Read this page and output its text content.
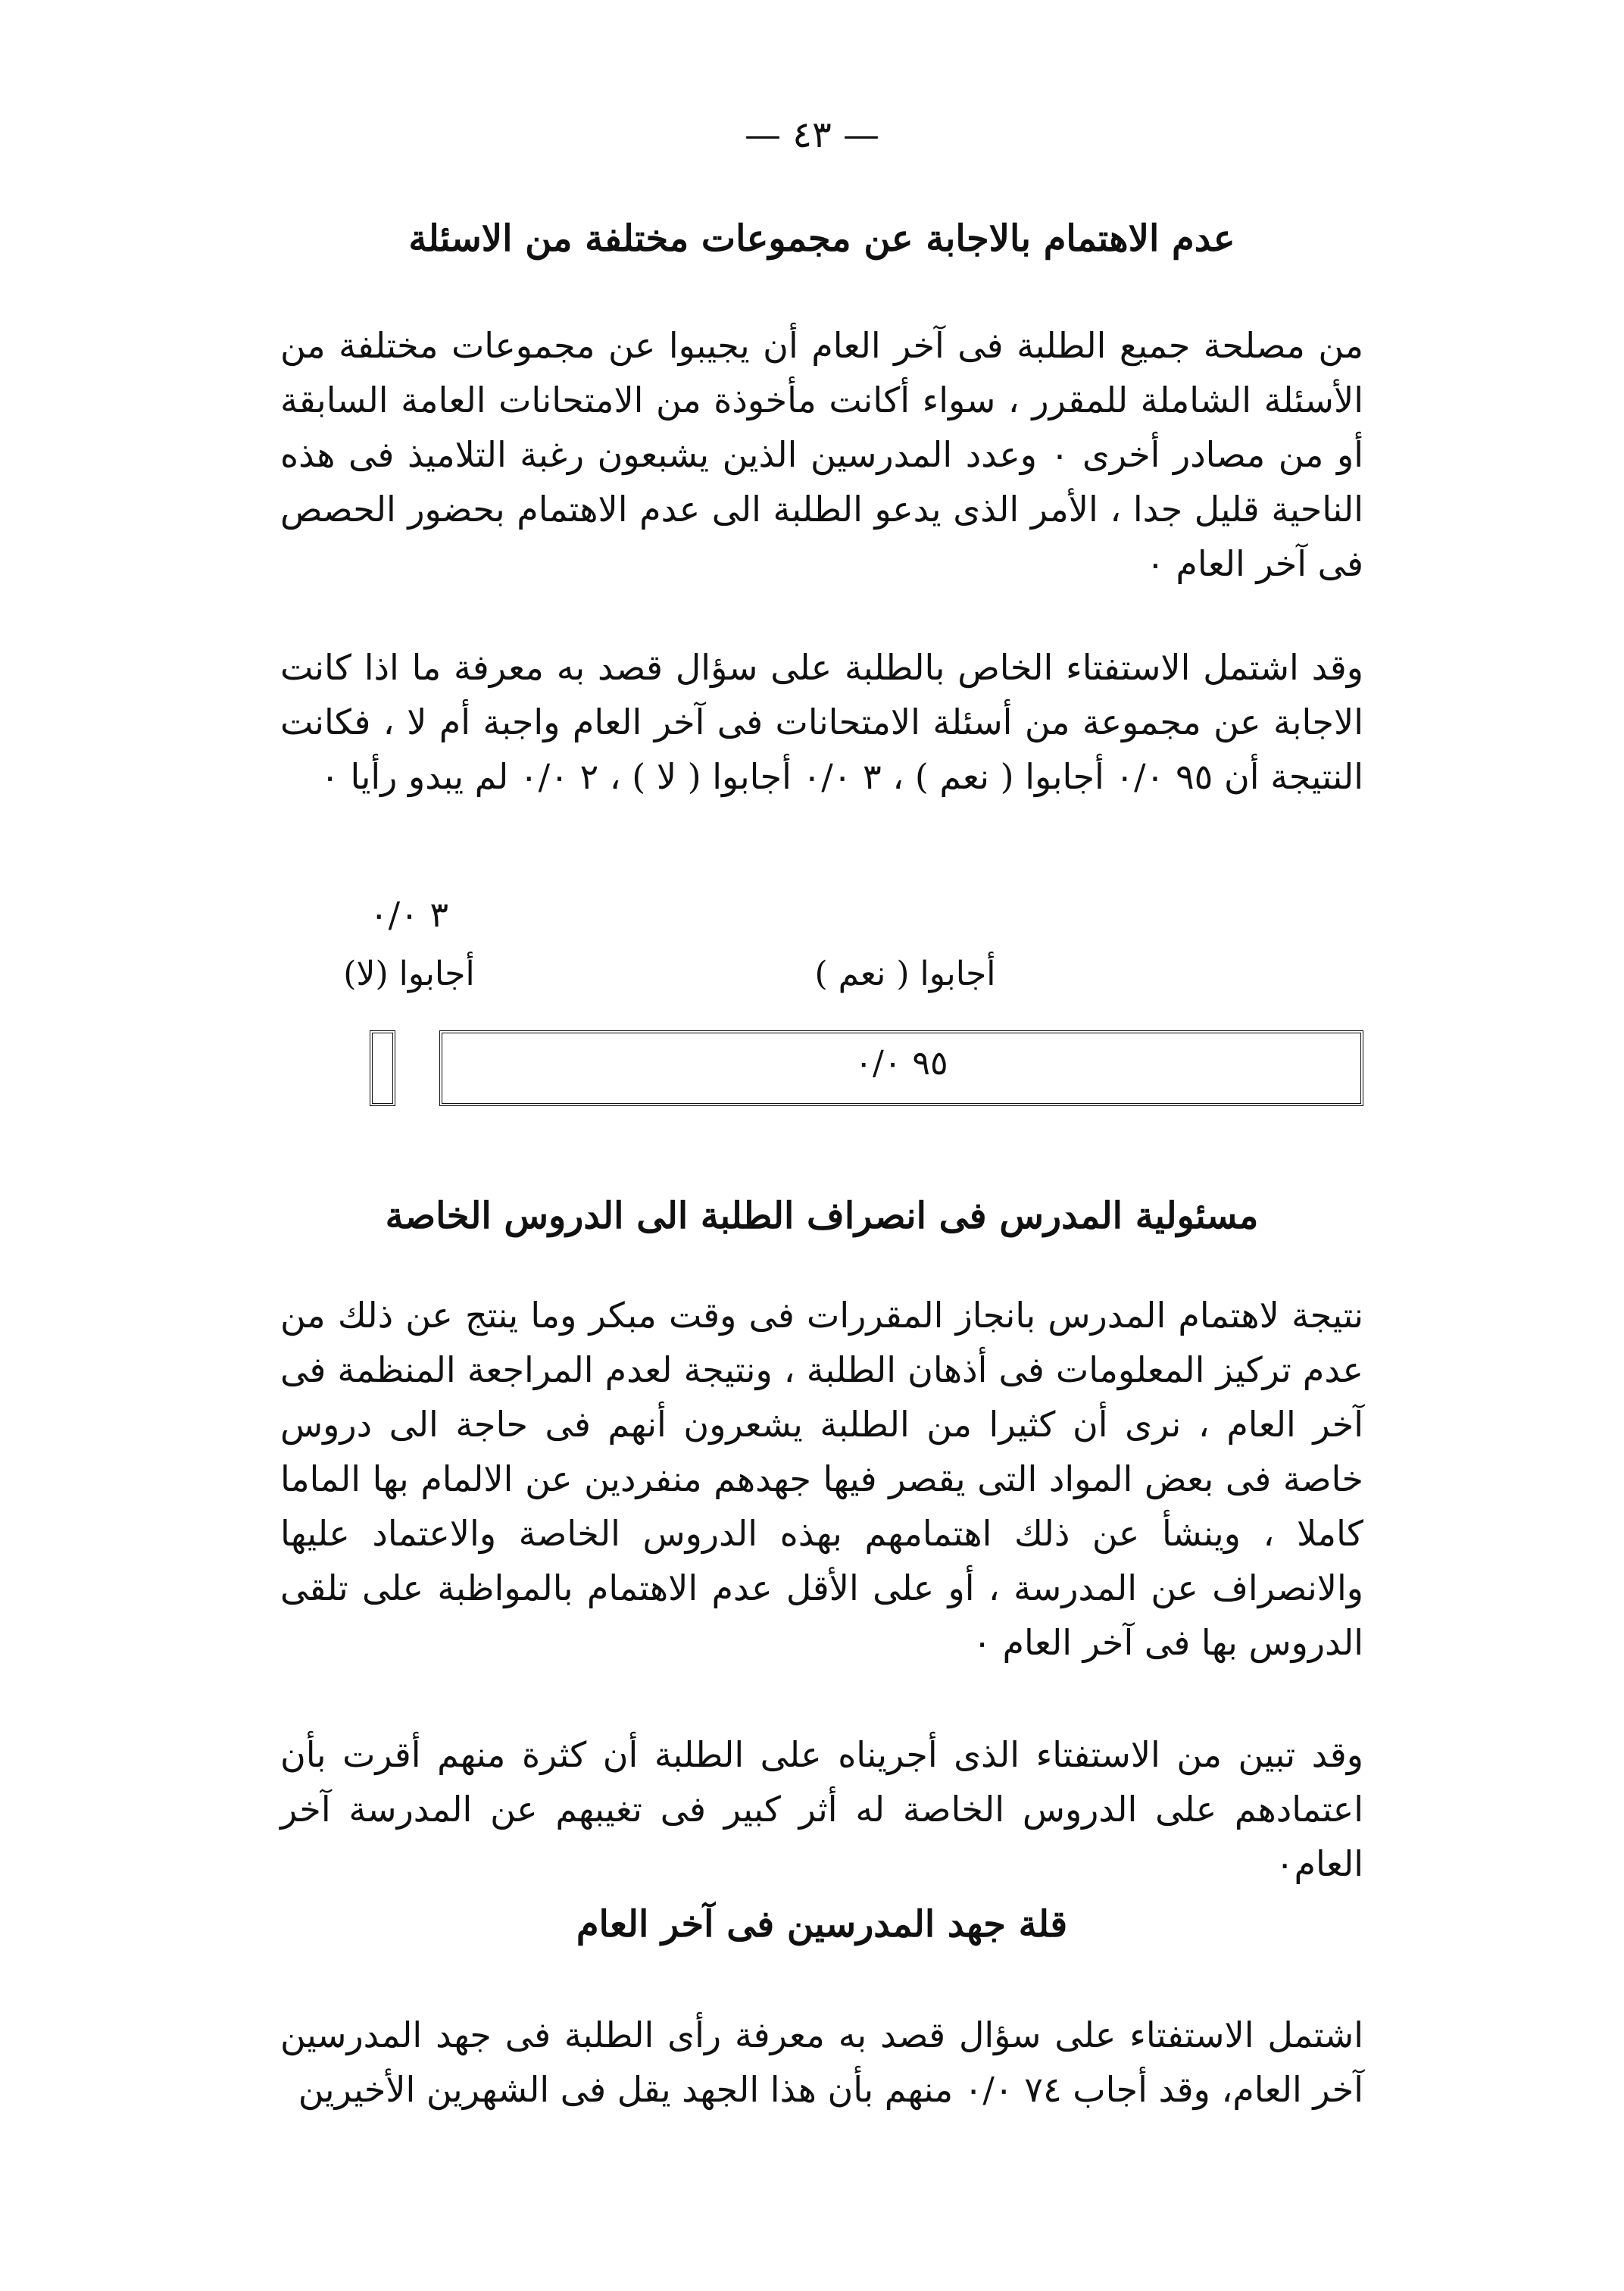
— ٤٣ —
عدم الاهتمام بالاجابة عن مجموعات مختلفة من الاسئلة

من مصلحة جميع الطلبة فى آخر العام أن يجيبوا عن مجموعات مختلفة من الأسئلة الشاملة للمقرر ، سواء أكانت مأخوذة من الامتحانات العامة السابقة أو من مصادر أخرى ٠ وعدد المدرسين الذين يشبعون رغبة التلاميذ فى هذه الناحية قليل جدا ، الأمر الذى يدعو الطلبة الى عدم الاهتمام بحضور الحصص فى آخر العام ٠

وقد اشتمل الاستفتاء الخاص بالطلبة على سؤال قصد به معرفة ما اذا كانت الاجابة عن مجموعة من أسئلة الامتحانات فى آخر العام واجبة أم لا ، فكانت النتيجة أن ٩٥ ٠/٠ أجابوا ( نعم ) ، ٣ ٠/٠ أجابوا ( لا ) ، ٢ ٠/٠ لم يبدو رأيا ٠

٣ ٠/٠
أجابوا (لا)	أجابوا ( نعم )
٩٥ ٠/٠
مسئولية المدرس فى انصراف الطلبة الى الدروس الخاصة

نتيجة لاهتمام المدرس بانجاز المقررات فى وقت مبكر وما ينتج عن ذلك من عدم تركيز المعلومات فى أذهان الطلبة ، ونتيجة لعدم المراجعة المنظمة فى آخر العام ، نرى أن كثيرا من الطلبة يشعرون أنهم فى حاجة الى دروس خاصة فى بعض المواد التى يقصر فيها جهدهم منفردين عن الالمام بها الماما كاملا ، وينشأ عن ذلك اهتمامهم بهذه الدروس الخاصة والاعتماد عليها والانصراف عن المدرسة ، أو على الأقل عدم الاهتمام بالمواظبة على تلقى الدروس بها فى آخر العام ٠

وقد تبين من الاستفتاء الذى أجريناه على الطلبة أن كثرة منهم أقرت بأن اعتمادهم على الدروس الخاصة له أثر كبير فى تغيبهم عن المدرسة آخر العام٠

قلة جهد المدرسين فى آخر العام

اشتمل الاستفتاء على سؤال قصد به معرفة رأى الطلبة فى جهد المدرسين آخر العام، وقد أجاب ٧٤ ٠/٠ منهم بأن هذا الجهد يقل فى الشهرين الأخيرين
